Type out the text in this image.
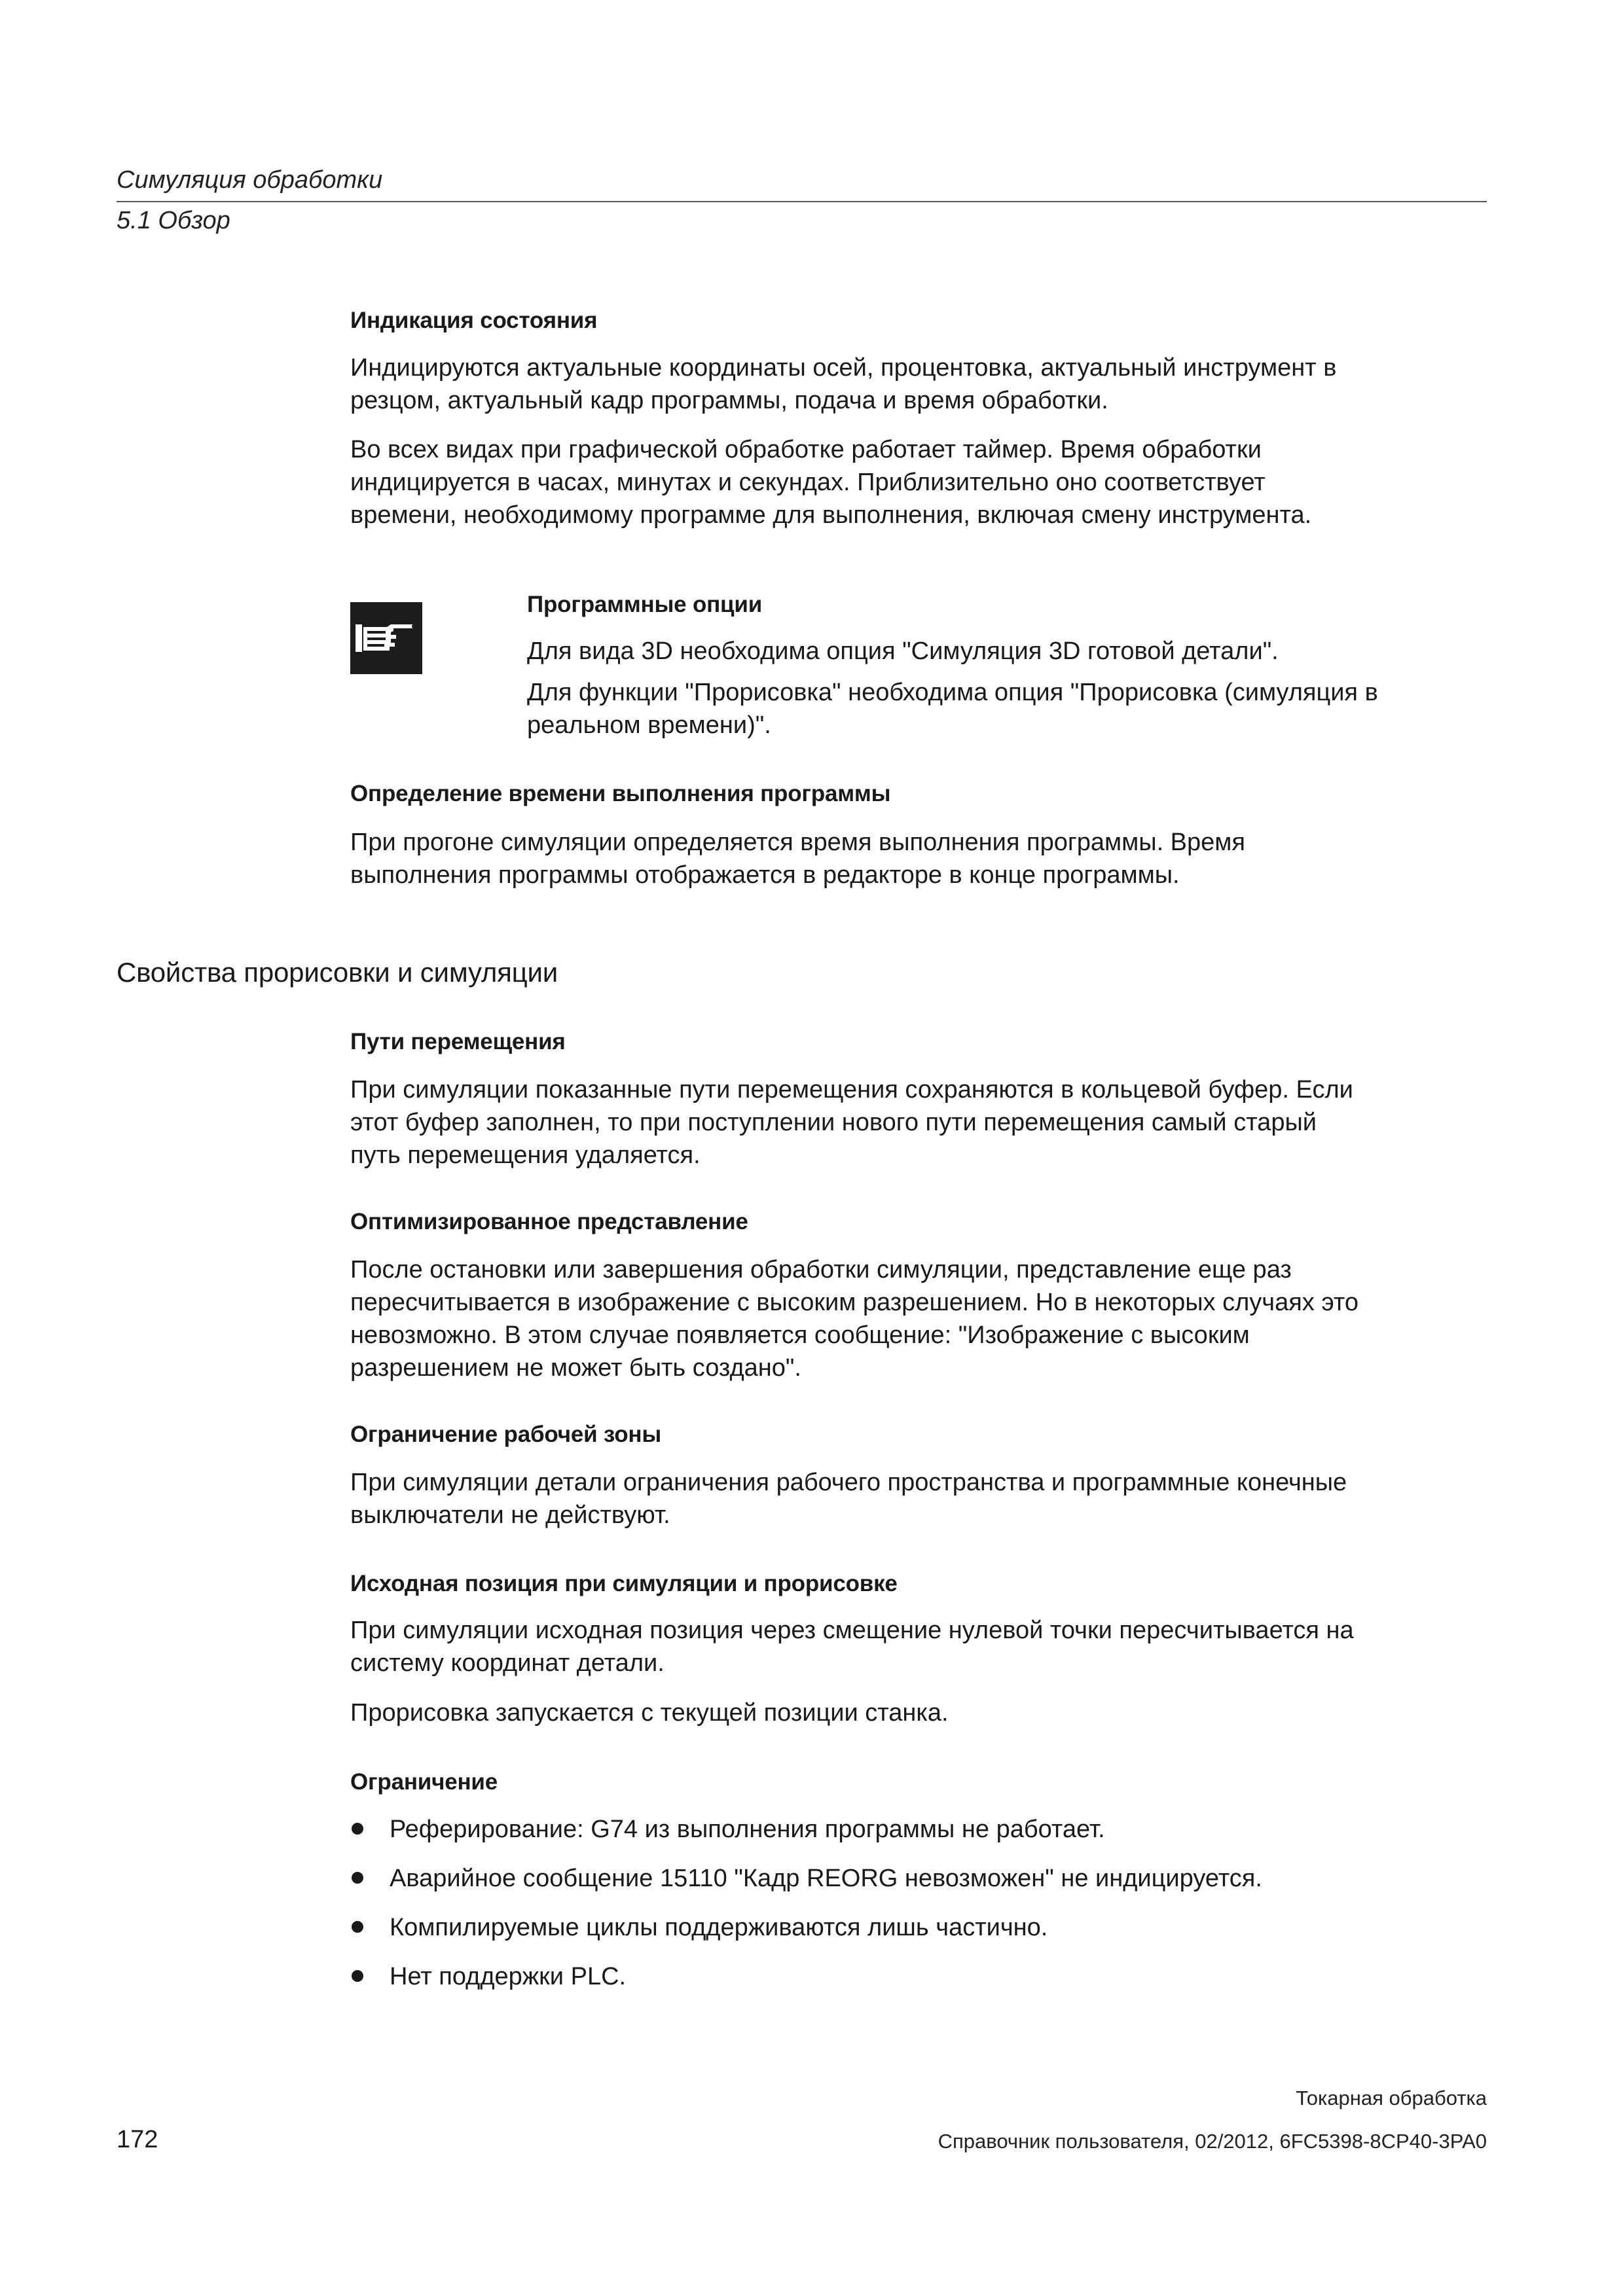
Симуляция обработки
5.1 Обзор
Индикация состояния

Индицируются актуальные координаты осей, процентовка, актуальный инструмент в
резцом, актуальный кадр программы, подача и время обработки.

Во всех видах при графической обработке работает таймер. Время обработки
индицируется в часах, минутах и секундах. Приблизительно оно соответствует
времени, необходимому программе для выполнения, включая смену инструмента.

Программные опции

Для вида 3D необходима опция "Симуляция 3D готовой детали".

Для функции "Прорисовка" необходима опция "Прорисовка (симуляция в
реальном времени)".

Определение времени выполнения программы

При прогоне симуляции определяется время выполнения программы. Время
выполнения программы отображается в редакторе в конце программы.

Свойства прорисовки и симуляции
Пути перемещения

При симуляции показанные пути перемещения сохраняются в кольцевой буфер. Если
этот буфер заполнен, то при поступлении нового пути перемещения самый старый
путь перемещения удаляется.

Оптимизированное представление

После остановки или завершения обработки симуляции, представление еще раз
пересчитывается в изображение с высоким разрешением. Но в некоторых случаях это
невозможно. В этом случае появляется сообщение: "Изображение с высоким
разрешением не может быть создано".

Ограничение рабочей зоны

При симуляции детали ограничения рабочего пространства и программные конечные
выключатели не действуют.

Исходная позиция при симуляции и прорисовке

При симуляции исходная позиция через смещение нулевой точки пересчитывается на
систему координат детали.

Прорисовка запускается с текущей позиции станка.

Ограничение
Реферирование: G74 из выполнения программы не работает.
Аварийное сообщение 15110 "Кадр REORG невозможен" не индицируется.
Компилируемые циклы поддерживаются лишь частично.
Нет поддержки PLC.
Токарная обработка
172	Справочник пользователя, 02/2012, 6FC5398-8CP40-3PA0
